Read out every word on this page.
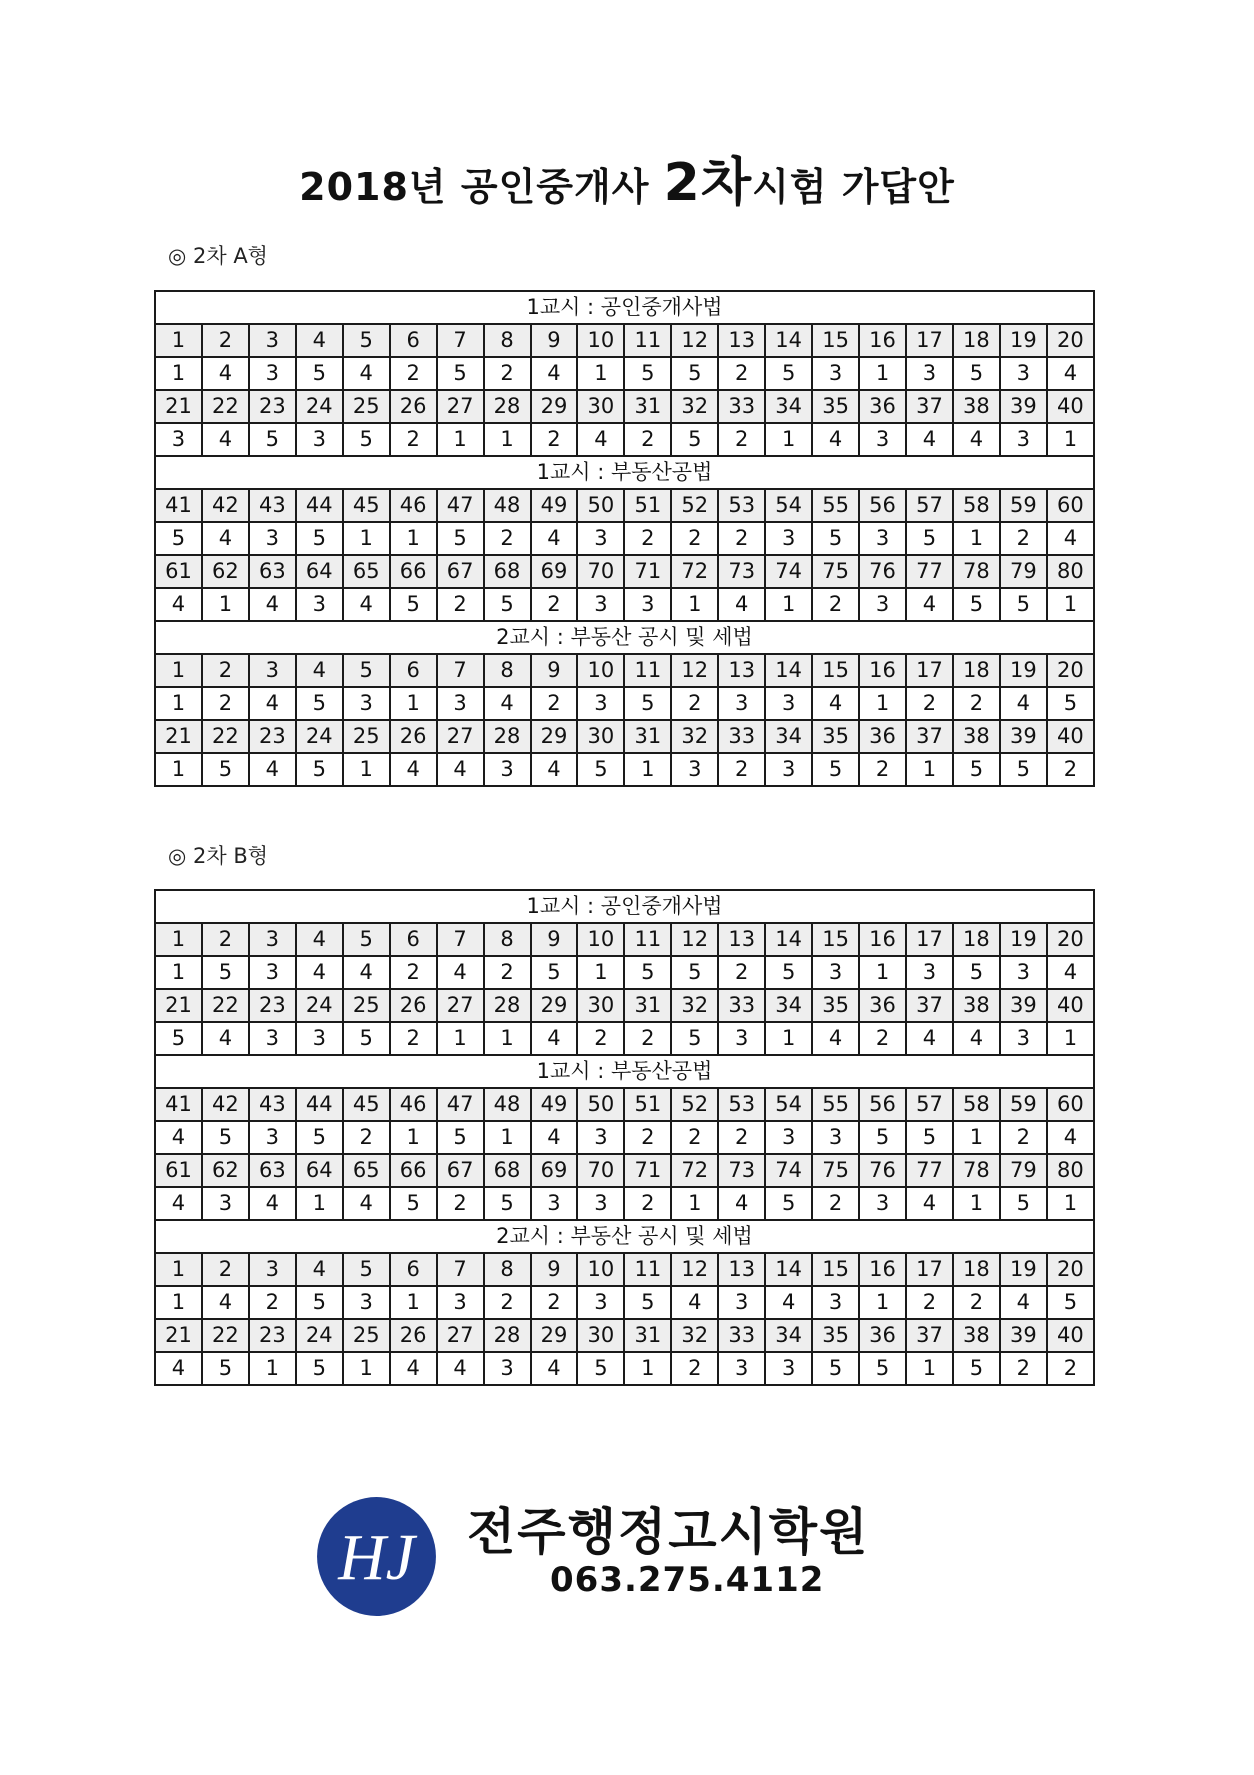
2018년 공인중개사 2차시험 가답안
◎ 2차 A형
1교시 : 공인중개사법																			
1	2	3	4	5	6	7	8	9	10	11	12	13	14	15	16	17	18	19	20
1	4	3	5	4	2	5	2	4	1	5	5	2	5	3	1	3	5	3	4
21	22	23	24	25	26	27	28	29	30	31	32	33	34	35	36	37	38	39	40
3	4	5	3	5	2	1	1	2	4	2	5	2	1	4	3	4	4	3	1
1교시 : 부동산공법																			
41	42	43	44	45	46	47	48	49	50	51	52	53	54	55	56	57	58	59	60
5	4	3	5	1	1	5	2	4	3	2	2	2	3	5	3	5	1	2	4
61	62	63	64	65	66	67	68	69	70	71	72	73	74	75	76	77	78	79	80
4	1	4	3	4	5	2	5	2	3	3	1	4	1	2	3	4	5	5	1
2교시 : 부동산 공시 및 세법																			
1	2	3	4	5	6	7	8	9	10	11	12	13	14	15	16	17	18	19	20
1	2	4	5	3	1	3	4	2	3	5	2	3	3	4	1	2	2	4	5
21	22	23	24	25	26	27	28	29	30	31	32	33	34	35	36	37	38	39	40
1	5	4	5	1	4	4	3	4	5	1	3	2	3	5	2	1	5	5	2
◎ 2차 B형
1교시 : 공인중개사법																			
1	2	3	4	5	6	7	8	9	10	11	12	13	14	15	16	17	18	19	20
1	5	3	4	4	2	4	2	5	1	5	5	2	5	3	1	3	5	3	4
21	22	23	24	25	26	27	28	29	30	31	32	33	34	35	36	37	38	39	40
5	4	3	3	5	2	1	1	4	2	2	5	3	1	4	2	4	4	3	1
1교시 : 부동산공법																			
41	42	43	44	45	46	47	48	49	50	51	52	53	54	55	56	57	58	59	60
4	5	3	5	2	1	5	1	4	3	2	2	2	3	3	5	5	1	2	4
61	62	63	64	65	66	67	68	69	70	71	72	73	74	75	76	77	78	79	80
4	3	4	1	4	5	2	5	3	3	2	1	4	5	2	3	4	1	5	1
2교시 : 부동산 공시 및 세법																			
1	2	3	4	5	6	7	8	9	10	11	12	13	14	15	16	17	18	19	20
1	4	2	5	3	1	3	2	2	3	5	4	3	4	3	1	2	2	4	5
21	22	23	24	25	26	27	28	29	30	31	32	33	34	35	36	37	38	39	40
4	5	1	5	1	4	4	3	4	5	1	2	3	3	5	5	1	5	2	2
HJ 전주행정고시학원
063.275.4112
